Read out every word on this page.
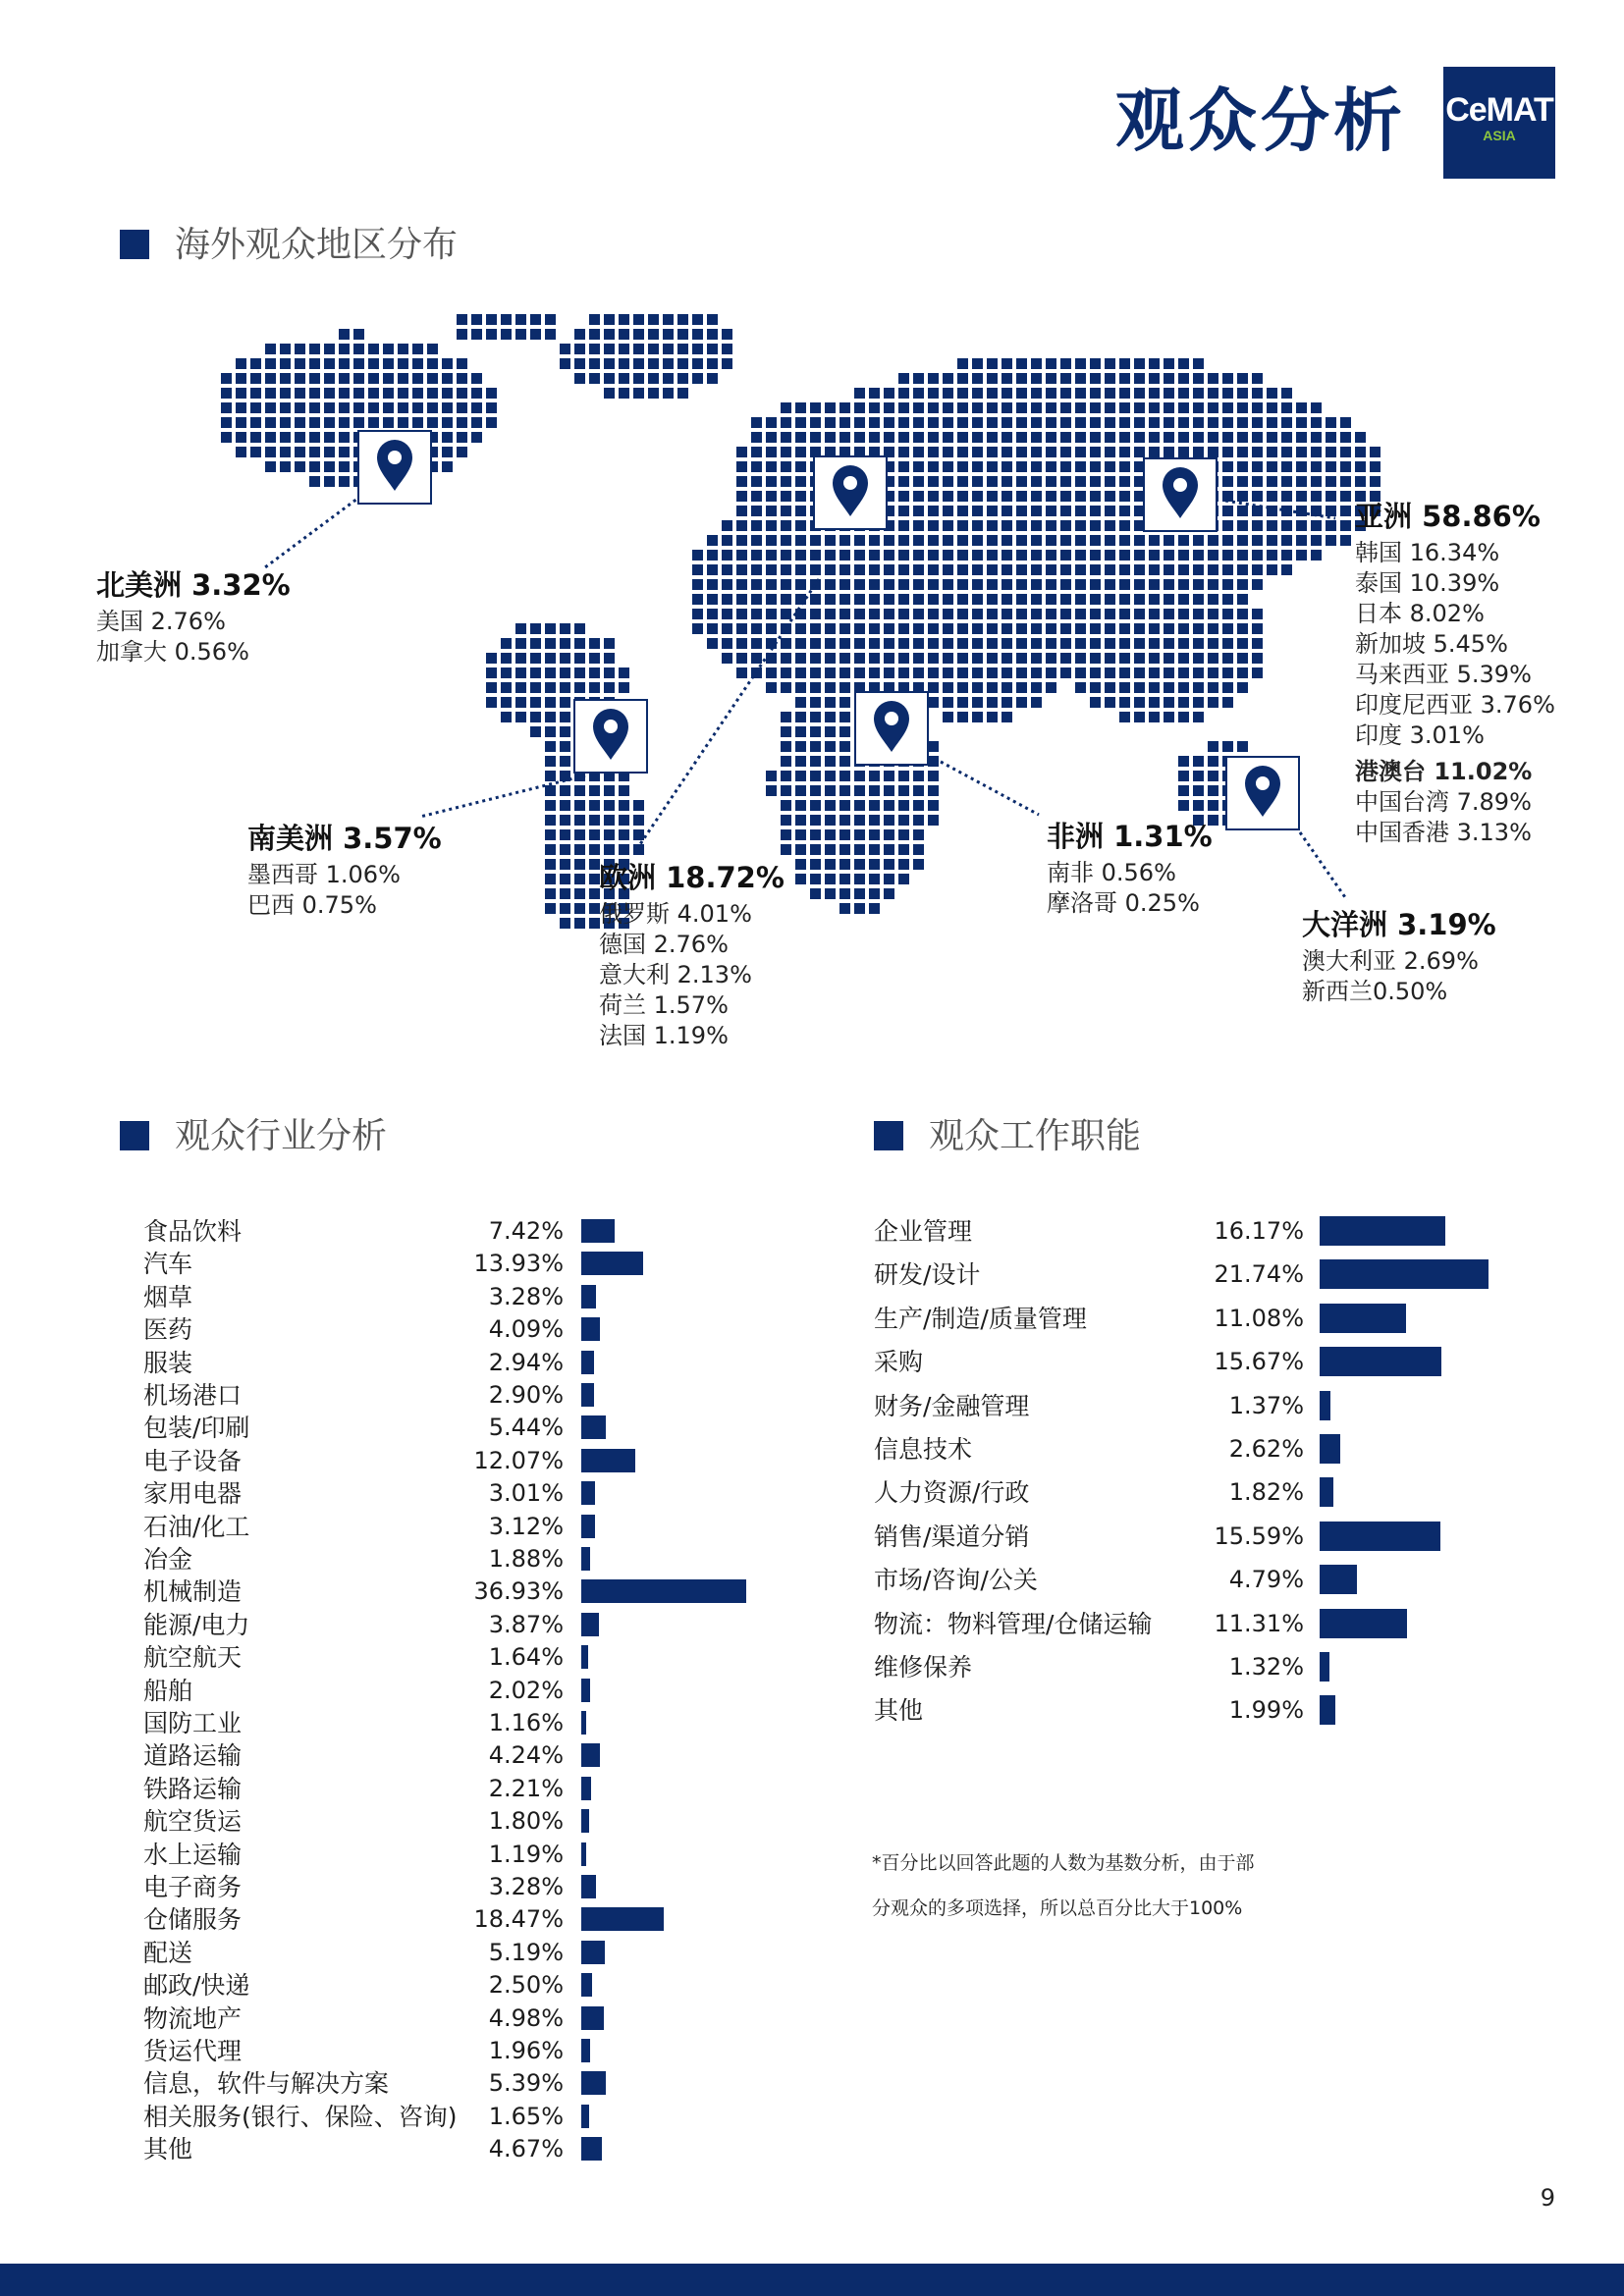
观众分析 CeMAT
ASIA
海外观众地区分布
北美洲 3.32%
美国 2.76%
加拿大 0.56%
南美洲 3.57%
墨西哥 1.06%
巴西 0.75%
欧洲 18.72%
俄罗斯 4.01%
德国 2.76%
意大利 2.13%
荷兰 1.57%
法国 1.19%
非洲 1.31%
南非 0.56%
摩洛哥 0.25%
亚洲 58.86%
韩国 16.34%
泰国 10.39%
日本 8.02%
新加坡 5.45%
马来西亚 5.39%
印度尼西亚 3.76%
印度 3.01%
港澳台 11.02%
中国台湾 7.89%
中国香港 3.13%
大洋洲 3.19%
澳大利亚 2.69%
新西兰0.50%
观众行业分析	观众工作职能
食品饮料	7.42%
汽车	13.93%
烟草	3.28%
医药	4.09%
服装	2.94%
机场港口	2.90%
包装/印刷	5.44%
电子设备	12.07%
家用电器	3.01%
石油/化工	3.12%
冶金	1.88%
机械制造	36.93%
能源/电力	3.87%
航空航天	1.64%
船舶	2.02%
国防工业	1.16%
道路运输	4.24%
铁路运输	2.21%
航空货运	1.80%
水上运输	1.19%
电子商务	3.28%
仓储服务	18.47%
配送	5.19%
邮政/快递	2.50%
物流地产	4.98%
货运代理	1.96%
信息，软件与解决方案	5.39%
相关服务(银行、保险、咨询)	1.65%
其他	4.67%
企业管理	16.17%
研发/设计	21.74%
生产/制造/质量管理	11.08%
采购	15.67%
财务/金融管理	1.37%
信息技术	2.62%
人力资源/行政	1.82%
销售/渠道分销	15.59%
市场/咨询/公关	4.79%
物流：物料管理/仓储运输	11.31%
维修保养	1.32%
其他	1.99%
*百分比以回答此题的人数为基数分析，由于部
分观众的多项选择，所以总百分比大于100%
9
